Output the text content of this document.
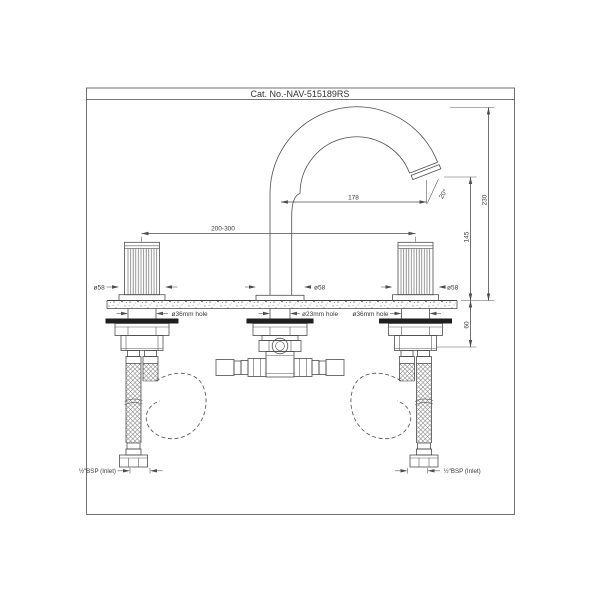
Cat. No.-NAV-515189RS
178	20°
200-300
230
145
60
ø58	ø58	ø58
ø36mm hole	ø23mm hole ø36mm hole
½"BSP (Inlet)	½"BSP (Inlet)
